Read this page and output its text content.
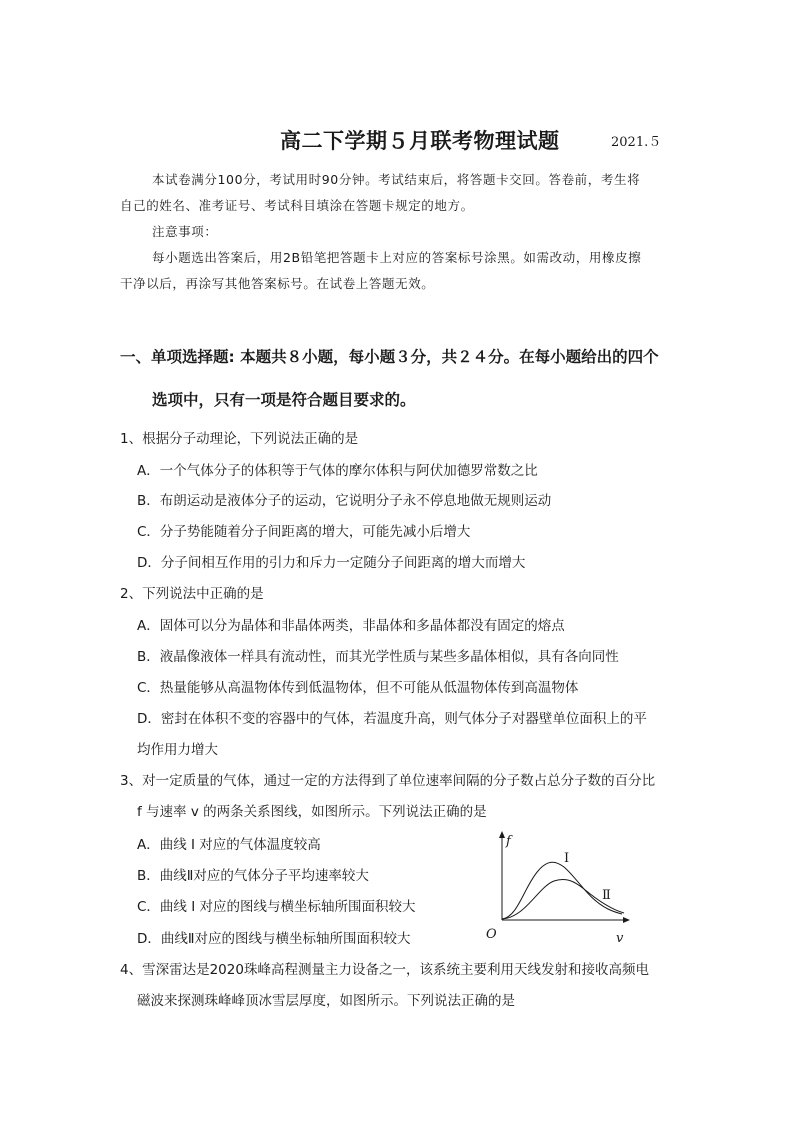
高二下学期５月联考物理试题	2021.５
本试卷满分100分，考试用时90分钟。考试结束后，将答题卡交回。答卷前，考生将
自己的姓名、准考证号、考试科目填涂在答题卡规定的地方。
注意事项：
每小题选出答案后，用2B铅笔把答题卡上对应的答案标号涂黑。如需改动，用橡皮擦
干净以后，再涂写其他答案标号。在试卷上答题无效。
一、单项选择题: 本题共８小题，每小题３分，共２４分。在每小题给出的四个
选项中，只有一项是符合题目要求的。
1、根据分子动理论，下列说法正确的是
A．一个气体分子的体积等于气体的摩尔体积与阿伏加德罗常数之比
B．布朗运动是液体分子的运动，它说明分子永不停息地做无规则运动
C．分子势能随着分子间距离的增大，可能先减小后增大
D．分子间相互作用的引力和斥力一定随分子间距离的增大而增大
2、下列说法中正确的是
A．固体可以分为晶体和非晶体两类，非晶体和多晶体都没有固定的熔点
B．液晶像液体一样具有流动性，而其光学性质与某些多晶体相似，具有各向同性
C．热量能够从高温物体传到低温物体，但不可能从低温物体传到高温物体
D．密封在体积不变的容器中的气体，若温度升高，则气体分子对器壁单位面积上的平
均作用力增大
3、对一定质量的气体，通过一定的方法得到了单位速率间隔的分子数占总分子数的百分比
f 与速率 v 的两条关系图线，如图所示。下列说法正确的是
A．曲线 I 对应的气体温度较高
B．曲线Ⅱ对应的气体分子平均速率较大
C．曲线 I 对应的图线与横坐标轴所围面积较大
D．曲线Ⅱ对应的图线与横坐标轴所围面积较大
f
v
O
I
Ⅱ
4、雪深雷达是2020珠峰高程测量主力设备之一，该系统主要利用天线发射和接收高频电
磁波来探测珠峰峰顶冰雪层厚度，如图所示。下列说法正确的是
